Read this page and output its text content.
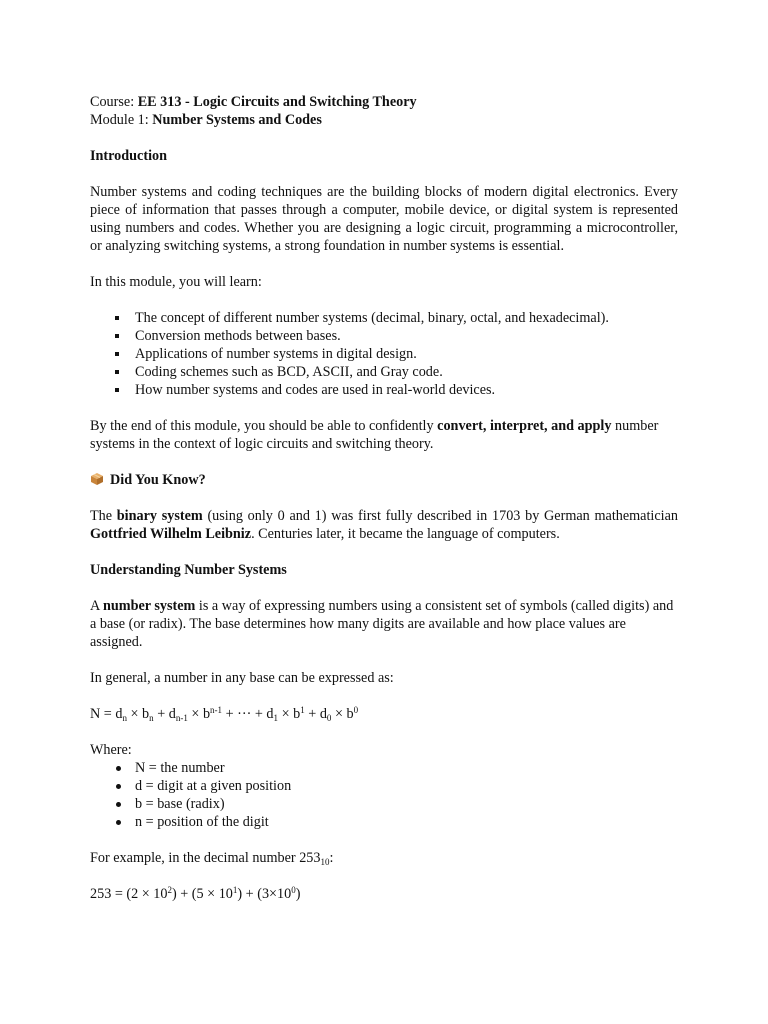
Course: EE 313 - Logic Circuits and Switching Theory

Module 1: Number Systems and Codes

Introduction

Number systems and coding techniques are the building blocks of modern digital electronics. Every piece of information that passes through a computer, mobile device, or digital system is represented using numbers and codes. Whether you are designing a logic circuit, programming a microcontroller, or analyzing switching systems, a strong foundation in number systems is essential.

In this module, you will learn:

The concept of different number systems (decimal, binary, octal, and hexadecimal).
Conversion methods between bases.
Applications of number systems in digital design.
Coding schemes such as BCD, ASCII, and Gray code.
How number systems and codes are used in real-world devices.

By the end of this module, you should be able to confidently convert, interpret, and apply number systems in the context of logic circuits and switching theory.

Did You Know?

The binary system (using only 0 and 1) was first fully described in 1703 by German mathematician Gottfried Wilhelm Leibniz. Centuries later, it became the language of computers.

Understanding Number Systems

A number system is a way of expressing numbers using a consistent set of symbols (called digits) and a base (or radix). The base determines how many digits are available and how place values are assigned.

In general, a number in any base can be expressed as:

$N = d_n \times b_n + d_{n-1} \times b^{n-1}$ + ··· + $d_1 \times b^1 + d_0 \times b^0$

Where:

N = the number
d = digit at a given position
b = base (radix)
n = position of the digit

For example, in the decimal number $253_{10}$:

$253 = (2 \times 10^2) + (5 \times 10^1) + (3\times 10^0)$
